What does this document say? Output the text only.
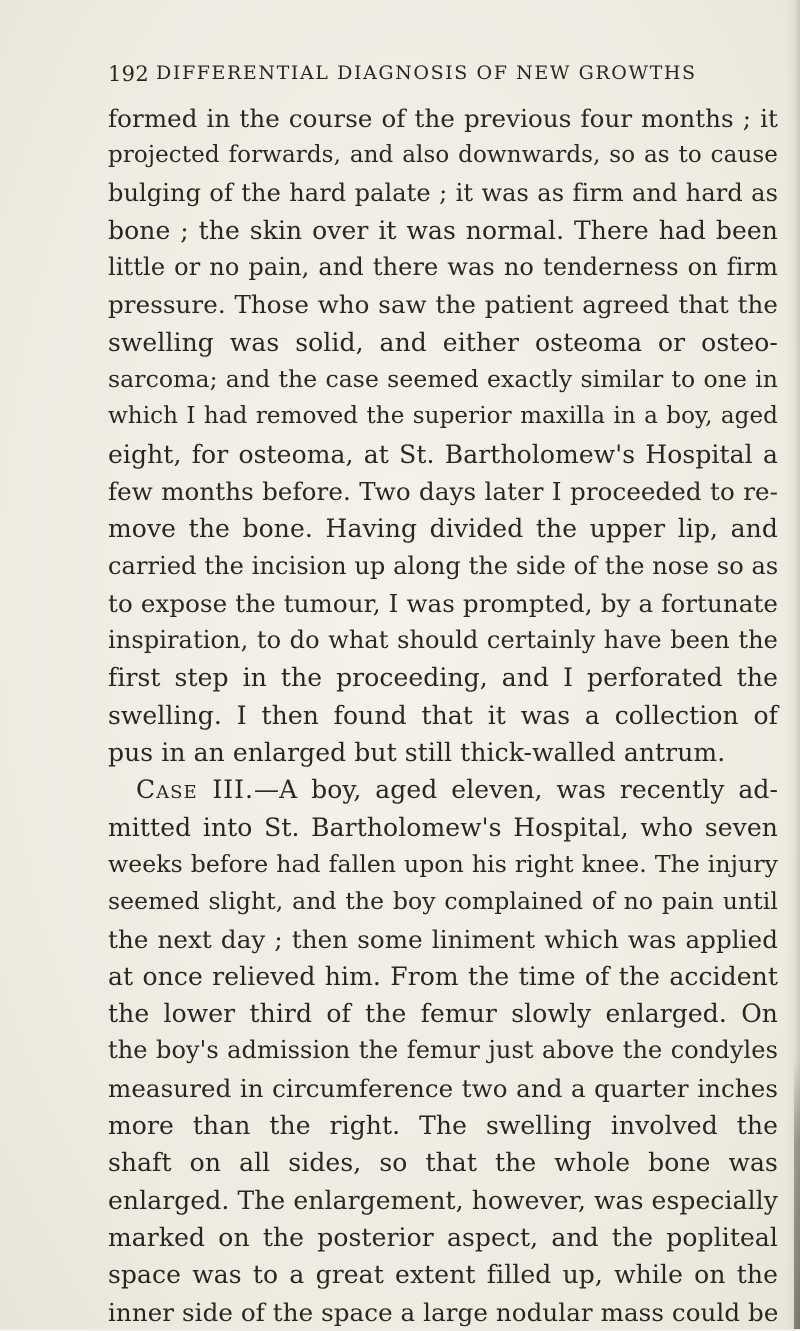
192 DIFFERENTIAL DIAGNOSIS OF NEW GROWTHS
formed in the course of the previous four months ; it
projected forwards, and also downwards, so as to cause
bulging of the hard palate ; it was as firm and hard as
bone ; the skin over it was normal. There had been
little or no pain, and there was no tenderness on firm
pressure. Those who saw the patient agreed that the
swelling was solid, and either osteoma or osteo-
sarcoma; and the case seemed exactly similar to one in
which I had removed the superior maxilla in a boy, aged
eight, for osteoma, at St. Bartholomew's Hospital a
few months before. Two days later I proceeded to re-
move the bone. Having divided the upper lip, and
carried the incision up along the side of the nose so as
to expose the tumour, I was prompted, by a fortunate
inspiration, to do what should certainly have been the
first step in the proceeding, and I perforated the
swelling. I then found that it was a collection of
pus in an enlarged but still thick-walled antrum.
Case III.—A boy, aged eleven, was recently ad-
mitted into St. Bartholomew's Hospital, who seven
weeks before had fallen upon his right knee. The injury
seemed slight, and the boy complained of no pain until
the next day ; then some liniment which was applied
at once relieved him. From the time of the accident
the lower third of the femur slowly enlarged. On
the boy's admission the femur just above the condyles
measured in circumference two and a quarter inches
more than the right. The swelling involved the
shaft on all sides, so that the whole bone was
enlarged. The enlargement, however, was especially
marked on the posterior aspect, and the popliteal
space was to a great extent filled up, while on the
inner side of the space a large nodular mass could be
